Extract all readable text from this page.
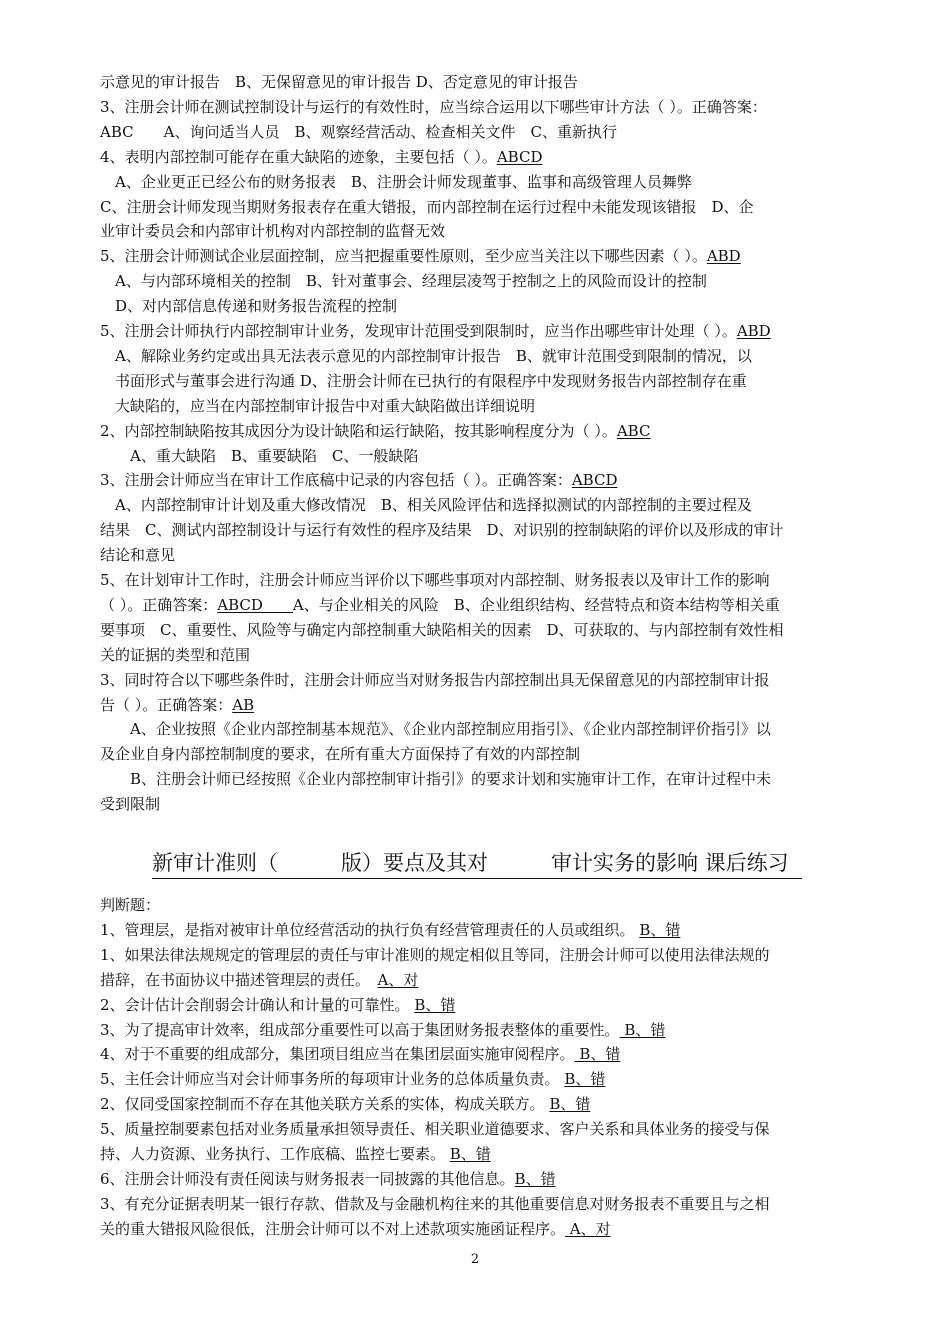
示意见的审计报告　B、无保留意见的审计报告 D、否定意见的审计报告
3、注册会计师在测试控制设计与运行的有效性时，应当综合运用以下哪些审计方法（ ）。正确答案：
ABC　　A、询问适当人员　B、观察经营活动、检查相关文件　C、重新执行
4、表明内部控制可能存在重大缺陷的迹象，主要包括（ ）。ABCD
　A、企业更正已经公布的财务报表　B、注册会计师发现董事、监事和高级管理人员舞弊
C、注册会计师发现当期财务报表存在重大错报，而内部控制在运行过程中未能发现该错报　D、企
业审计委员会和内部审计机构对内部控制的监督无效
5、注册会计师测试企业层面控制，应当把握重要性原则，至少应当关注以下哪些因素（ ）。ABD
　A、与内部环境相关的控制　B、针对董事会、经理层凌驾于控制之上的风险而设计的控制
　D、对内部信息传递和财务报告流程的控制
5、注册会计师执行内部控制审计业务，发现审计范围受到限制时，应当作出哪些审计处理（ ）。ABD
　A、解除业务约定或出具无法表示意见的内部控制审计报告　B、就审计范围受到限制的情况，以
　书面形式与董事会进行沟通 D、注册会计师在已执行的有限程序中发现财务报告内部控制存在重
　大缺陷的，应当在内部控制审计报告中对重大缺陷做出详细说明
2、内部控制缺陷按其成因分为设计缺陷和运行缺陷，按其影响程度分为（ ）。ABC
　　A、重大缺陷　B、重要缺陷　C、一般缺陷
3、注册会计师应当在审计工作底稿中记录的内容包括（ ）。正确答案：ABCD
　A、内部控制审计计划及重大修改情况　B、相关风险评估和选择拟测试的内部控制的主要过程及
结果　C、测试内部控制设计与运行有效性的程序及结果　D、对识别的控制缺陷的评价以及形成的审计
结论和意见
5、在计划审计工作时，注册会计师应当评价以下哪些事项对内部控制、财务报表以及审计工作的影响
（ ）。正确答案：ABCD　　A、与企业相关的风险　B、企业组织结构、经营特点和资本结构等相关重
要事项　C、重要性、风险等与确定内部控制重大缺陷相关的因素　D、可获取的、与内部控制有效性相
关的证据的类型和范围
3、同时符合以下哪些条件时，注册会计师应当对财务报告内部控制出具无保留意见的内部控制审计报
告（ ）。正确答案：AB
　　A、企业按照《企业内部控制基本规范》、《企业内部控制应用指引》、《企业内部控制评价指引》以
及企业自身内部控制制度的要求，在所有重大方面保持了有效的内部控制
　　B、注册会计师已经按照《企业内部控制审计指引》的要求计划和实施审计工作，在审计过程中未
受到限制
判断题：
1、管理层，是指对被审计单位经营活动的执行负有经营管理责任的人员或组织。 B、错
1、如果法律法规规定的管理层的责任与审计准则的规定相似且等同，注册会计师可以使用法律法规的
措辞，在书面协议中描述管理层的责任。　A、对
2、会计估计会削弱会计确认和计量的可靠性。 B、错
3、为了提高审计效率，组成部分重要性可以高于集团财务报表整体的重要性。 B、错
4、对于不重要的组成部分，集团项目组应当在集团层面实施审阅程序。 B、错
5、主任会计师应当对会计师事务所的每项审计业务的总体质量负责。 B、错
2、仅同受国家控制而不存在其他关联方关系的实体，构成关联方。 B、错
5、质量控制要素包括对业务质量承担领导责任、相关职业道德要求、客户关系和具体业务的接受与保
持、人力资源、业务执行、工作底稿、监控七要素。 B、错
6、注册会计师没有责任阅读与财务报表一同披露的其他信息。B、错
3、有充分证据表明某一银行存款、借款及与金融机构往来的其他重要信息对财务报表不重要且与之相
关的重大错报风险很低，注册会计师可以不对上述款项实施函证程序。 A、对
新审计准则（　　　版）要点及其对　　　审计实务的影响 课后练习
2
